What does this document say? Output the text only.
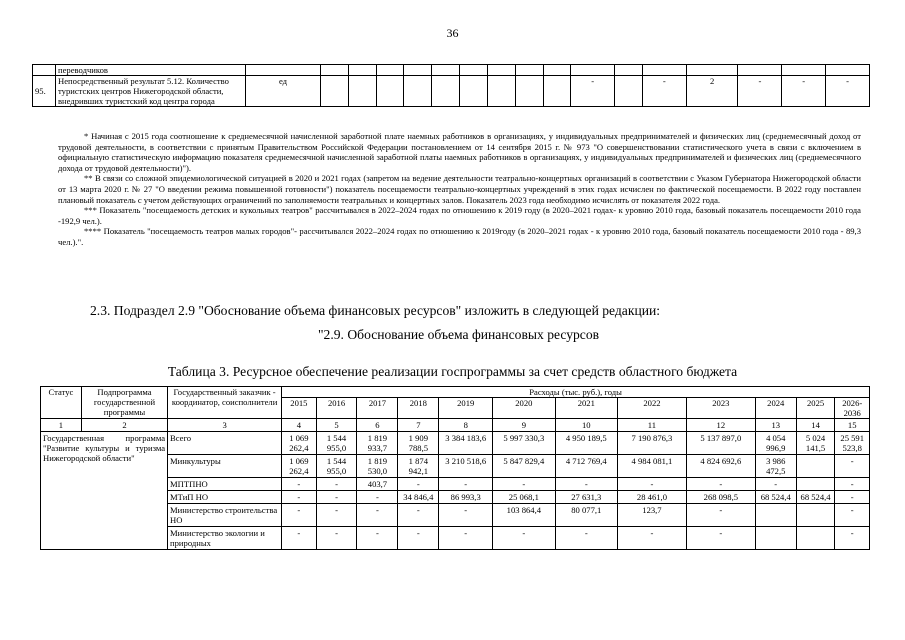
36
	переводчиков																	
95.	Непосредственный результат 5.12. Количество туристских центров Нижегородской области, внедривших туристский код центра города	ед										-		-	2	-	-	-

* Начиная с 2015 года соотношение к среднемесячной начисленной заработной плате наемных работников в организациях, у индивидуальных предпринимателей и физических лиц (среднемесячный доход от трудовой деятельности, в соответствии с принятым Правительством Российской Федерации постановлением от 14 сентября 2015 г. № 973 "О совершенствовании статистического учета в связи с включением в официальную статистическую информацию показателя среднемесячной начисленной заработной платы наемных работников в организациях, у индивидуальных предпринимателей и физических лиц (среднемесячного дохода от трудовой деятельности)").

** В связи со сложной эпидемиологической ситуацией в 2020 и 2021 годах (запретом на ведение деятельности театрально-концертных организаций в соответствии с Указом Губернатора Нижегородской области от 13 марта 2020 г. № 27 "О введении режима повышенной готовности") показатель посещаемости театрально-концертных учреждений в этих годах исчислен по фактической посещаемости. В 2022 году поставлен плановый показатель с учетом действующих ограничений по заполняемости театральных и концертных залов. Показатель 2023 года необходимо исчислять от показателя 2022 года.

*** Показатель "посещаемость детских и кукольных театров" рассчитывался в 2022–2024 годах по отношению к 2019 году (в 2020–2021 годах- к уровню 2010 года, базовый показатель посещаемости 2010 года -192,9 чел.).

**** Показатель "посещаемость театров малых городов"- рассчитывался 2022–2024 годах по отношению к 2019году (в 2020–2021 годах - к уровню 2010 года, базовый показатель посещаемости 2010 года - 89,3 чел.).".

2.3. Подраздел 2.9 "Обоснование объема финансовых ресурсов" изложить в следующей редакции:
"2.9. Обоснование объема финансовых ресурсов
Таблица 3. Ресурсное обеспечение реализации госпрограммы за счет средств областного бюджета
Статус	Подпрограмма государственной программы	Государственный заказчик - координатор, соисполнители	Расходы (тыс. руб.), годы											
			2015	2016	2017	2018	2019	2020	2021	2022	2023	2024	2025	2026-2036
1	2	3	4	5	6	7	8	9	10	11	12	13	14	15
Государственная программа "Развитие культуры и туризма Нижегородской области"		Всего	1 069 262,4	1 544 955,0	1 819 933,7	1 909 788,5	3 384 183,6	5 997 330,3	4 950 189,5	7 190 876,3	5 137 897,0	4 054 996,9	5 024 141,5	25 591 523,8
		Минкультуры	1 069 262,4	1 544 955,0	1 819 530,0	1 874 942,1	3 210 518,6	5 847 829,4	4 712 769,4	4 984 081,1	4 824 692,6	3 986 472,5		-
		МПТПНО	-	-	403,7	-	-	-	-	-	-	-		-
		МТиП НО	-	-	-	34 846,4	86 993,3	25 068,1	27 631,3	28 461,0	268 098,5	68 524,4	68 524,4	-
		Министерство строительства НО	-	-	-	-	-	103 864,4	80 077,1	123,7	-			-
		Министерство экологии и природных	-	-	-	-	-	-	-	-	-			-
